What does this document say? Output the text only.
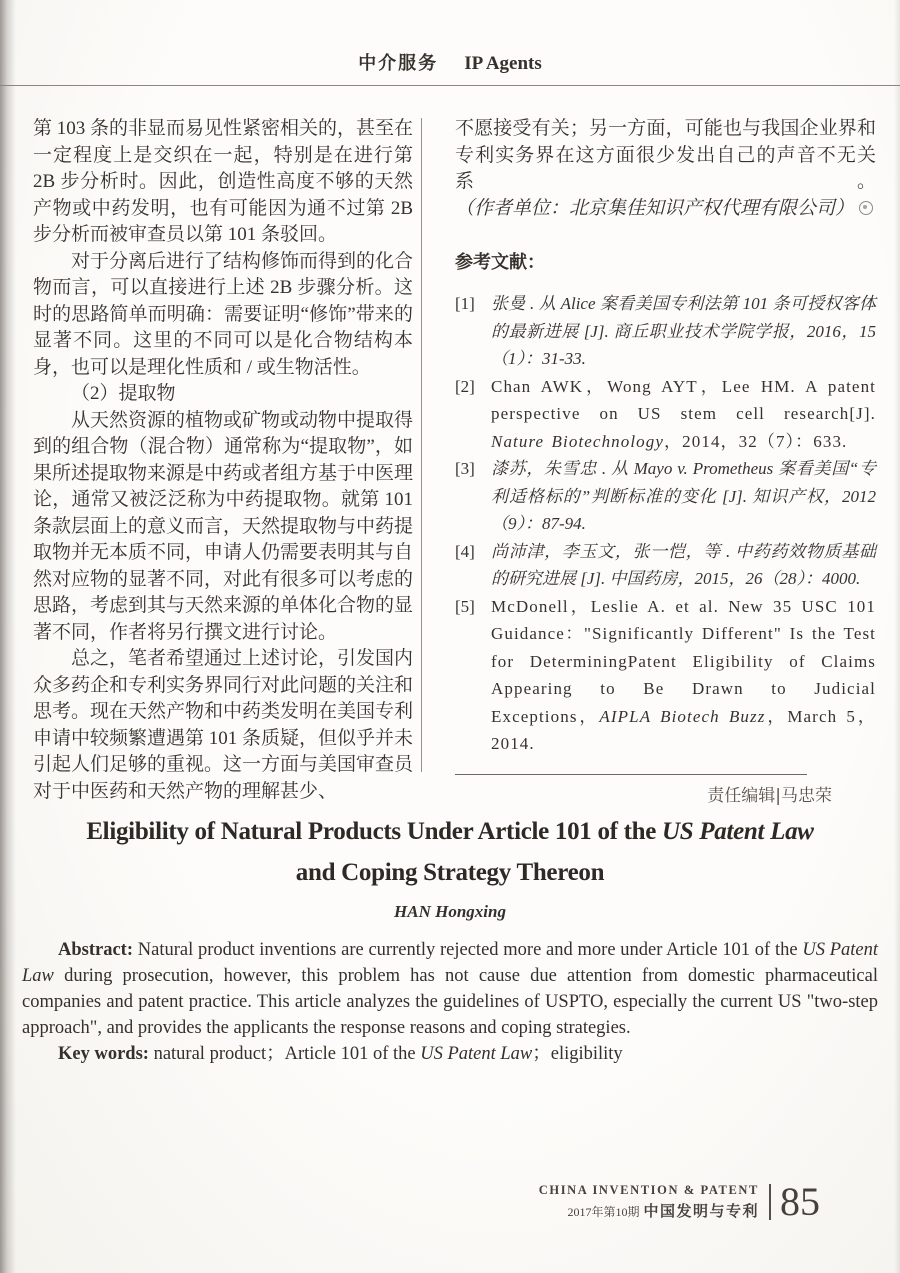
中介服务 IP Agents

第 103 条的非显而易见性紧密相关的，甚至在一定程度上是交织在一起，特别是在进行第 2B 步分析时。因此，创造性高度不够的天然产物或中药发明，也有可能因为通不过第 2B 步分析而被审查员以第 101 条驳回。

对于分离后进行了结构修饰而得到的化合物而言，可以直接进行上述 2B 步骤分析。这时的思路简单而明确：需要证明“修饰”带来的显著不同。这里的不同可以是化合物结构本身，也可以是理化性质和 / 或生物活性。

（2）提取物

从天然资源的植物或矿物或动物中提取得到的组合物（混合物）通常称为“提取物”，如果所述提取物来源是中药或者组方基于中医理论，通常又被泛泛称为中药提取物。就第 101 条款层面上的意义而言，天然提取物与中药提取物并无本质不同，申请人仍需要表明其与自然对应物的显著不同，对此有很多可以考虑的思路，考虑到其与天然来源的单体化合物的显著不同，作者将另行撰文进行讨论。

总之，笔者希望通过上述讨论，引发国内众多药企和专利实务界同行对此问题的关注和思考。现在天然产物和中药类发明在美国专利申请中较频繁遭遇第 101 条质疑，但似乎并未引起人们足够的重视。这一方面与美国审查员对于中医药和天然产物的理解甚少、

不愿接受有关；另一方面，可能也与我国企业界和专利实务界在这方面很少发出自己的声音不无关系。（作者单位：北京集佳知识产权代理有限公司）

参考文献：
[1] 张曼 . 从 Alice 案看美国专利法第 101 条可授权客体的最新进展 [J]. 商丘职业技术学院学报，2016，15（1）：31-33.
[2] Chan AWK，Wong AYT，Lee HM. A patent perspective on US stem cell research[J]. Nature Biotechnology，2014，32（7）：633.
[3] 漆苏，朱雪忠 . 从 Mayo v. Prometheus 案看美国“专利适格标的”判断标准的变化 [J]. 知识产权，2012（9）：87-94.
[4] 尚沛津，李玉文，张一恺，等 . 中药药效物质基础的研究进展 [J]. 中国药房，2015，26（28）：4000.
[5] McDonell，Leslie A. et al. New 35 USC 101 Guidance："Significantly Different" Is the Test for DeterminingPatent Eligibility of Claims Appearing to Be Drawn to Judicial Exceptions，AIPLA Biotech Buzz，March 5，2014.
责任编辑|马忠荣
Eligibility of Natural Products Under Article 101 of the US Patent Law
and Coping Strategy Thereon
HAN Hongxing

Abstract: Natural product inventions are currently rejected more and more under Article 101 of the US Patent Law during prosecution, however, this problem has not cause due attention from domestic pharmaceutical companies and patent practice. This article analyzes the guidelines of USPTO, especially the current US "two-step approach", and provides the applicants the response reasons and coping strategies.

Key words: natural product；Article 101 of the US Patent Law；eligibility

CHINA INVENTION & PATENT
2017年第10期 中国发明与专利 85
